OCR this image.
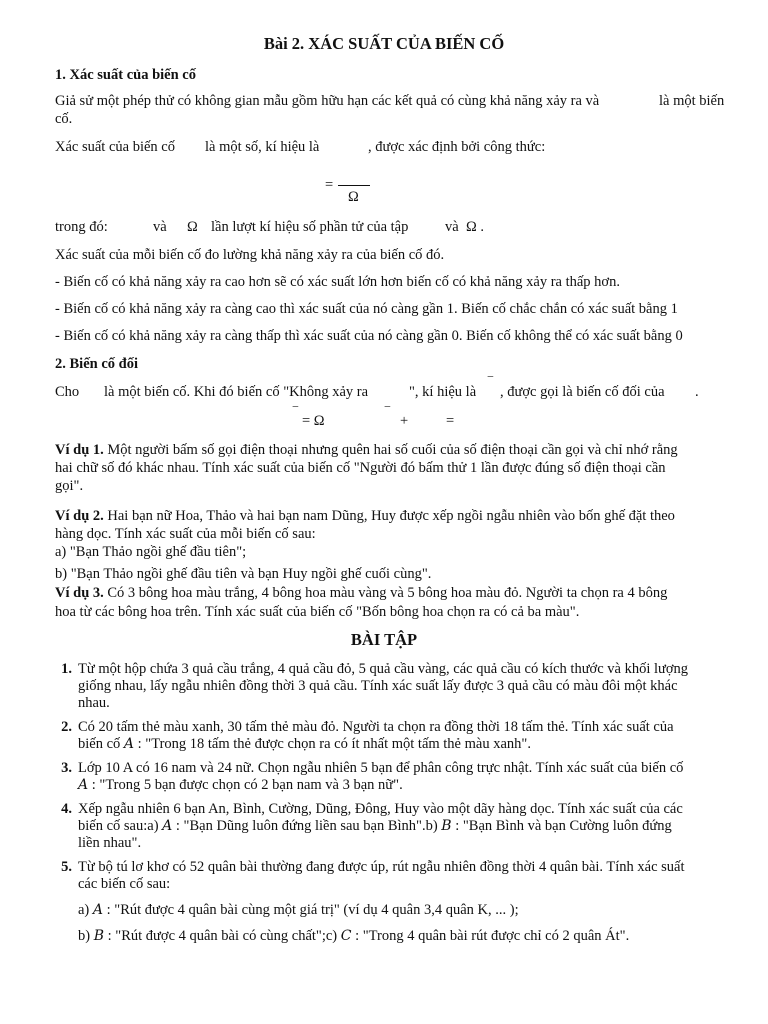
Bài 2. XÁC SUẤT CỦA BIẾN CỐ
1. Xác suất của biến cố
Giả sử một phép thử có không gian mẫu gồm hữu hạn các kết quả có cùng khả năng xảy ra và	là một biến
cố.
Xác suất của biến cố là một số, kí hiệu là	, được xác định bởi công thức:
=
Ω
trong đó:	và Ω lần lượt kí hiệu số phần tử của tập	và Ω .
Xác suất của mỗi biến cố đo lường khả năng xảy ra của biến cố đó.
- Biến cố có khả năng xảy ra cao hơn sẽ có xác suất lớn hơn biến cố có khả năng xảy ra thấp hơn.
- Biến cố có khả năng xảy ra càng cao thì xác suất của nó càng gần 1. Biến cố chắc chắn có xác suất bằng 1
- Biến cố có khả năng xảy ra càng thấp thì xác suất của nó càng gần 0. Biến cố không thể có xác suất bằng 0
2. Biến cố đối
Cho là một biến cố. Khi đó biến cố "Không xảy ra	", kí hiệu là ‾ , được gọi là biến cố đối của .
‾ = Ω	‾ +	=
Ví dụ 1. Một người bấm số gọi điện thoại nhưng quên hai số cuối của số điện thoại cần gọi và chỉ nhớ rằng
hai chữ số đó khác nhau. Tính xác suất của biến cố "Người đó bấm thử 1 lần được đúng số điện thoại cần
gọi".
Ví dụ 2. Hai bạn nữ Hoa, Thảo và hai bạn nam Dũng, Huy được xếp ngồi ngẫu nhiên vào bốn ghế đặt theo
hàng dọc. Tính xác suất của mỗi biến cố sau:
a) "Bạn Thảo ngồi ghế đầu tiên";
b) "Bạn Thảo ngồi ghế đầu tiên và bạn Huy ngồi ghế cuối cùng".
Ví dụ 3. Có 3 bông hoa màu trắng, 4 bông hoa màu vàng và 5 bông hoa màu đỏ. Người ta chọn ra 4 bông
hoa từ các bông hoa trên. Tính xác suất của biến cố "Bốn bông hoa chọn ra có cả ba màu".
BÀI TẬP
1. Từ một hộp chứa 3 quả cầu trắng, 4 quả cầu đỏ, 5 quả cầu vàng, các quả cầu có kích thước và khối lượng

giống nhau, lấy ngẫu nhiên đồng thời 3 quả cầu. Tính xác suất lấy được 3 quả cầu có màu đôi một khác

nhau.

2. Có 20 tấm thẻ màu xanh, 30 tấm thẻ màu đỏ. Người ta chọn ra đồng thời 18 tấm thẻ. Tính xác suất của

biến cố A : "Trong 18 tấm thẻ được chọn ra có ít nhất một tấm thẻ màu xanh".

3. Lớp 10 A có 16 nam và 24 nữ. Chọn ngẫu nhiên 5 bạn để phân công trực nhật. Tính xác suất của biến cố

A : "Trong 5 bạn được chọn có 2 bạn nam và 3 bạn nữ".

4. Xếp ngẫu nhiên 6 bạn An, Bình, Cường, Dũng, Đông, Huy vào một dãy hàng dọc. Tính xác suất của các

biến cố sau:a) A : "Bạn Dũng luôn đứng liền sau bạn Bình".b) B : "Bạn Bình và bạn Cường luôn đứng

liền nhau".

5. Từ bộ tú lơ khơ có 52 quân bài thường đang được úp, rút ngẫu nhiên đồng thời 4 quân bài. Tính xác suất

các biến cố sau:

a) A : "Rút được 4 quân bài cùng một giá trị" (ví dụ 4 quân 3,4 quân K, ... );
b) B : "Rút được 4 quân bài có cùng chất";c) C : "Trong 4 quân bài rút được chỉ có 2 quân Át".
